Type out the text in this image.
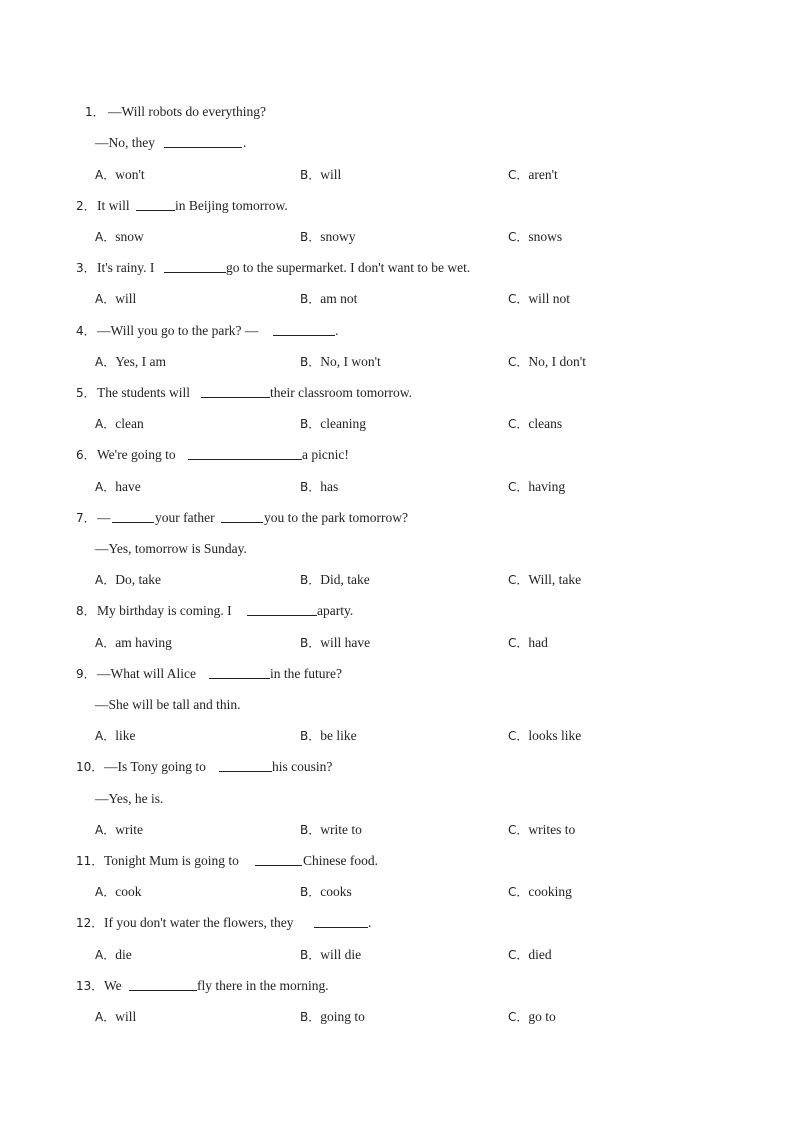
1． —Will robots do everything?
—No, they	.
A．won't	B．will	C．aren't
2． It will	in Beijing tomorrow.
A．snow	B．snowy	C．snows
3． It's rainy. I	go to the supermarket. I don't want to be wet.
A．will	B．am not	C．will not
4． —Will you go to the park? —	.
A．Yes, I am	B．No, I won't	C．No, I don't
5． The students will	their classroom tomorrow.
A．clean	B．cleaning	C．cleans
6． We're going to	a picnic!
A．have	B．has	C．having
7． —	your father	you to the park tomorrow?
—Yes, tomorrow is Sunday.
A．Do, take	B．Did, take	C．Will, take
8． My birthday is coming. I	aparty.
A．am having	B．will have	C．had
9． —What will Alice	in the future?
—She will be tall and thin.
A．like	B．be like	C．looks like
10． —Is Tony going to	his cousin?
—Yes, he is.
A．write	B．write to	C．writes to
11． Tonight Mum is going to	Chinese food.
A．cook	B．cooks	C．cooking
12． If you don't water the flowers, they	.
A．die	B．will die	C．died
13． We	fly there in the morning.
A．will	B．going to	C．go to
